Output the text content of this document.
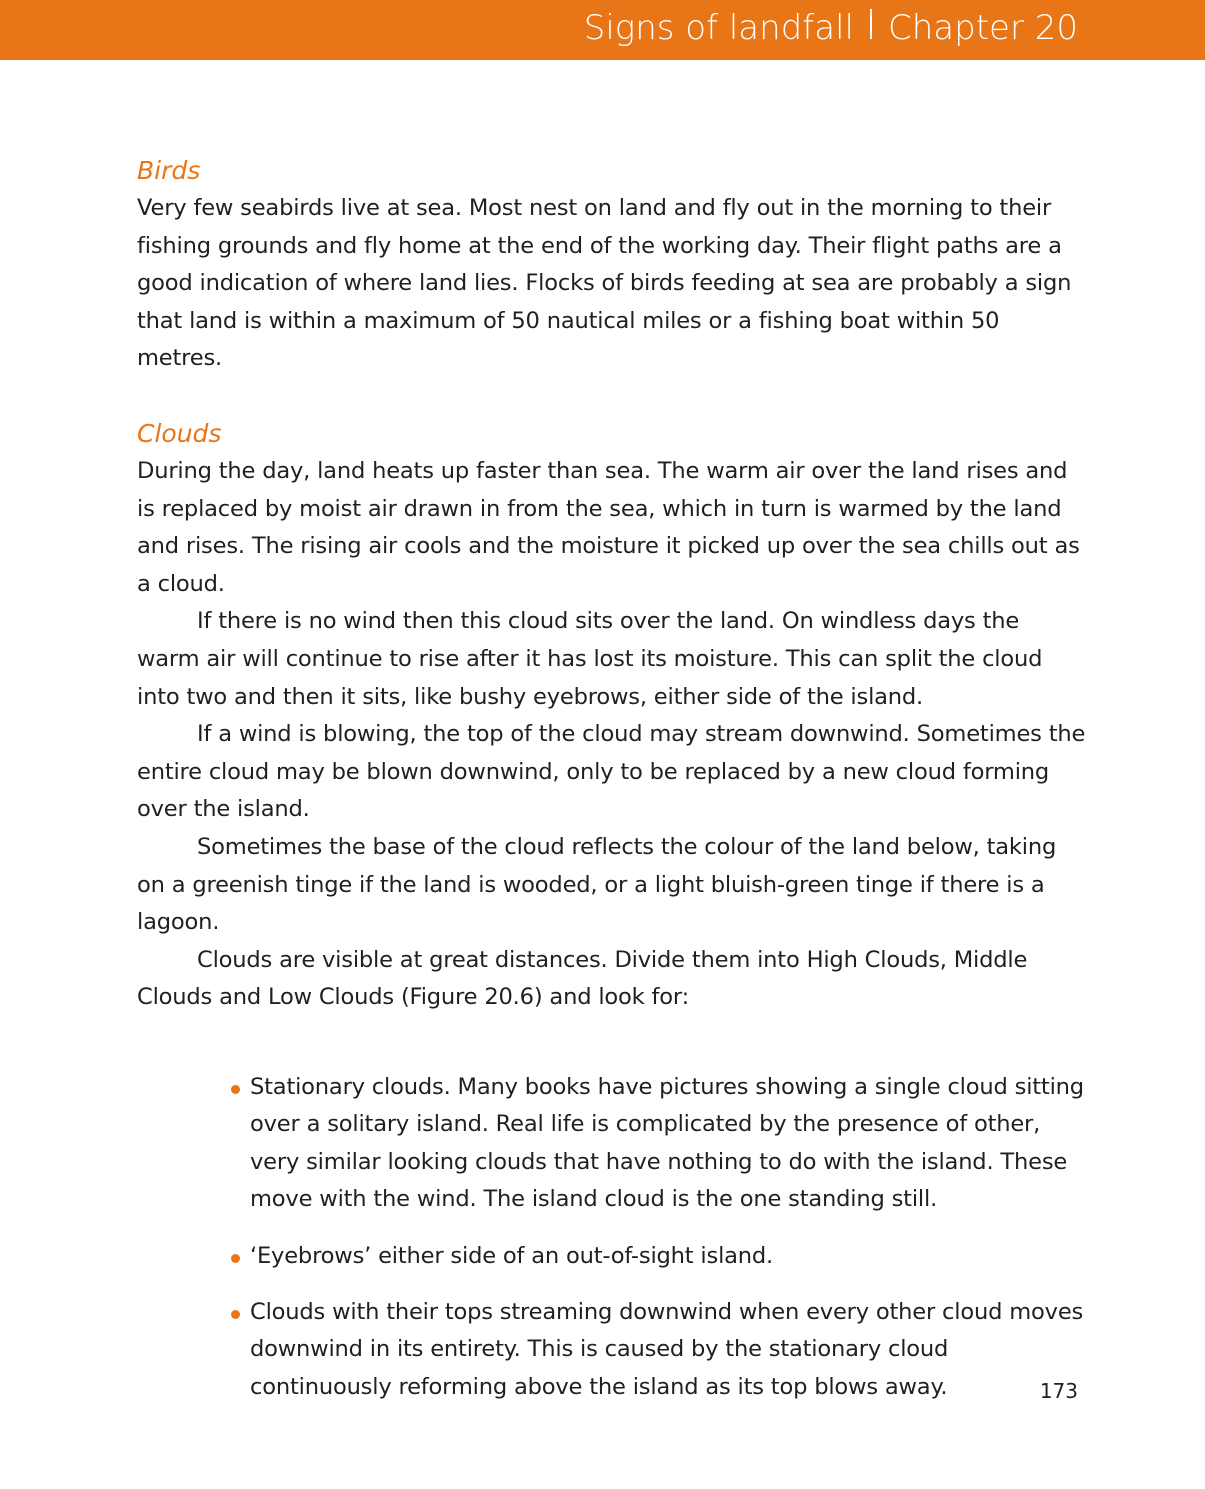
Signs of landfall Chapter 20
Birds

Very few seabirds live at sea. Most nest on land and fly out in the morning to their fishing grounds and fly home at the end of the working day. Their flight paths are a good indication of where land lies. Flocks of birds feeding at sea are probably a sign that land is within a maximum of 50 nautical miles or a fishing boat within 50 metres.

Clouds

During the day, land heats up faster than sea. The warm air over the land rises and is replaced by moist air drawn in from the sea, which in turn is warmed by the land and rises. The rising air cools and the moisture it picked up over the sea chills out as a cloud.

If there is no wind then this cloud sits over the land. On windless days the warm air will continue to rise after it has lost its moisture. This can split the cloud into two and then it sits, like bushy eyebrows, either side of the island.

If a wind is blowing, the top of the cloud may stream downwind. Sometimes the entire cloud may be blown downwind, only to be replaced by a new cloud forming over the island.

Sometimes the base of the cloud reflects the colour of the land below, taking on a greenish tinge if the land is wooded, or a light bluish-green tinge if there is a lagoon.

Clouds are visible at great distances. Divide them into High Clouds, Middle Clouds and Low Clouds (Figure 20.6) and look for:

Stationary clouds. Many books have pictures showing a single cloud sitting over a solitary island. Real life is complicated by the presence of other, very similar looking clouds that have nothing to do with the island. These move with the wind. The island cloud is the one standing still.

‘Eyebrows’ either side of an out-of-sight island.

Clouds with their tops streaming downwind when every other cloud moves downwind in its entirety. This is caused by the stationary cloud continuously reforming above the island as its top blows away.	173
